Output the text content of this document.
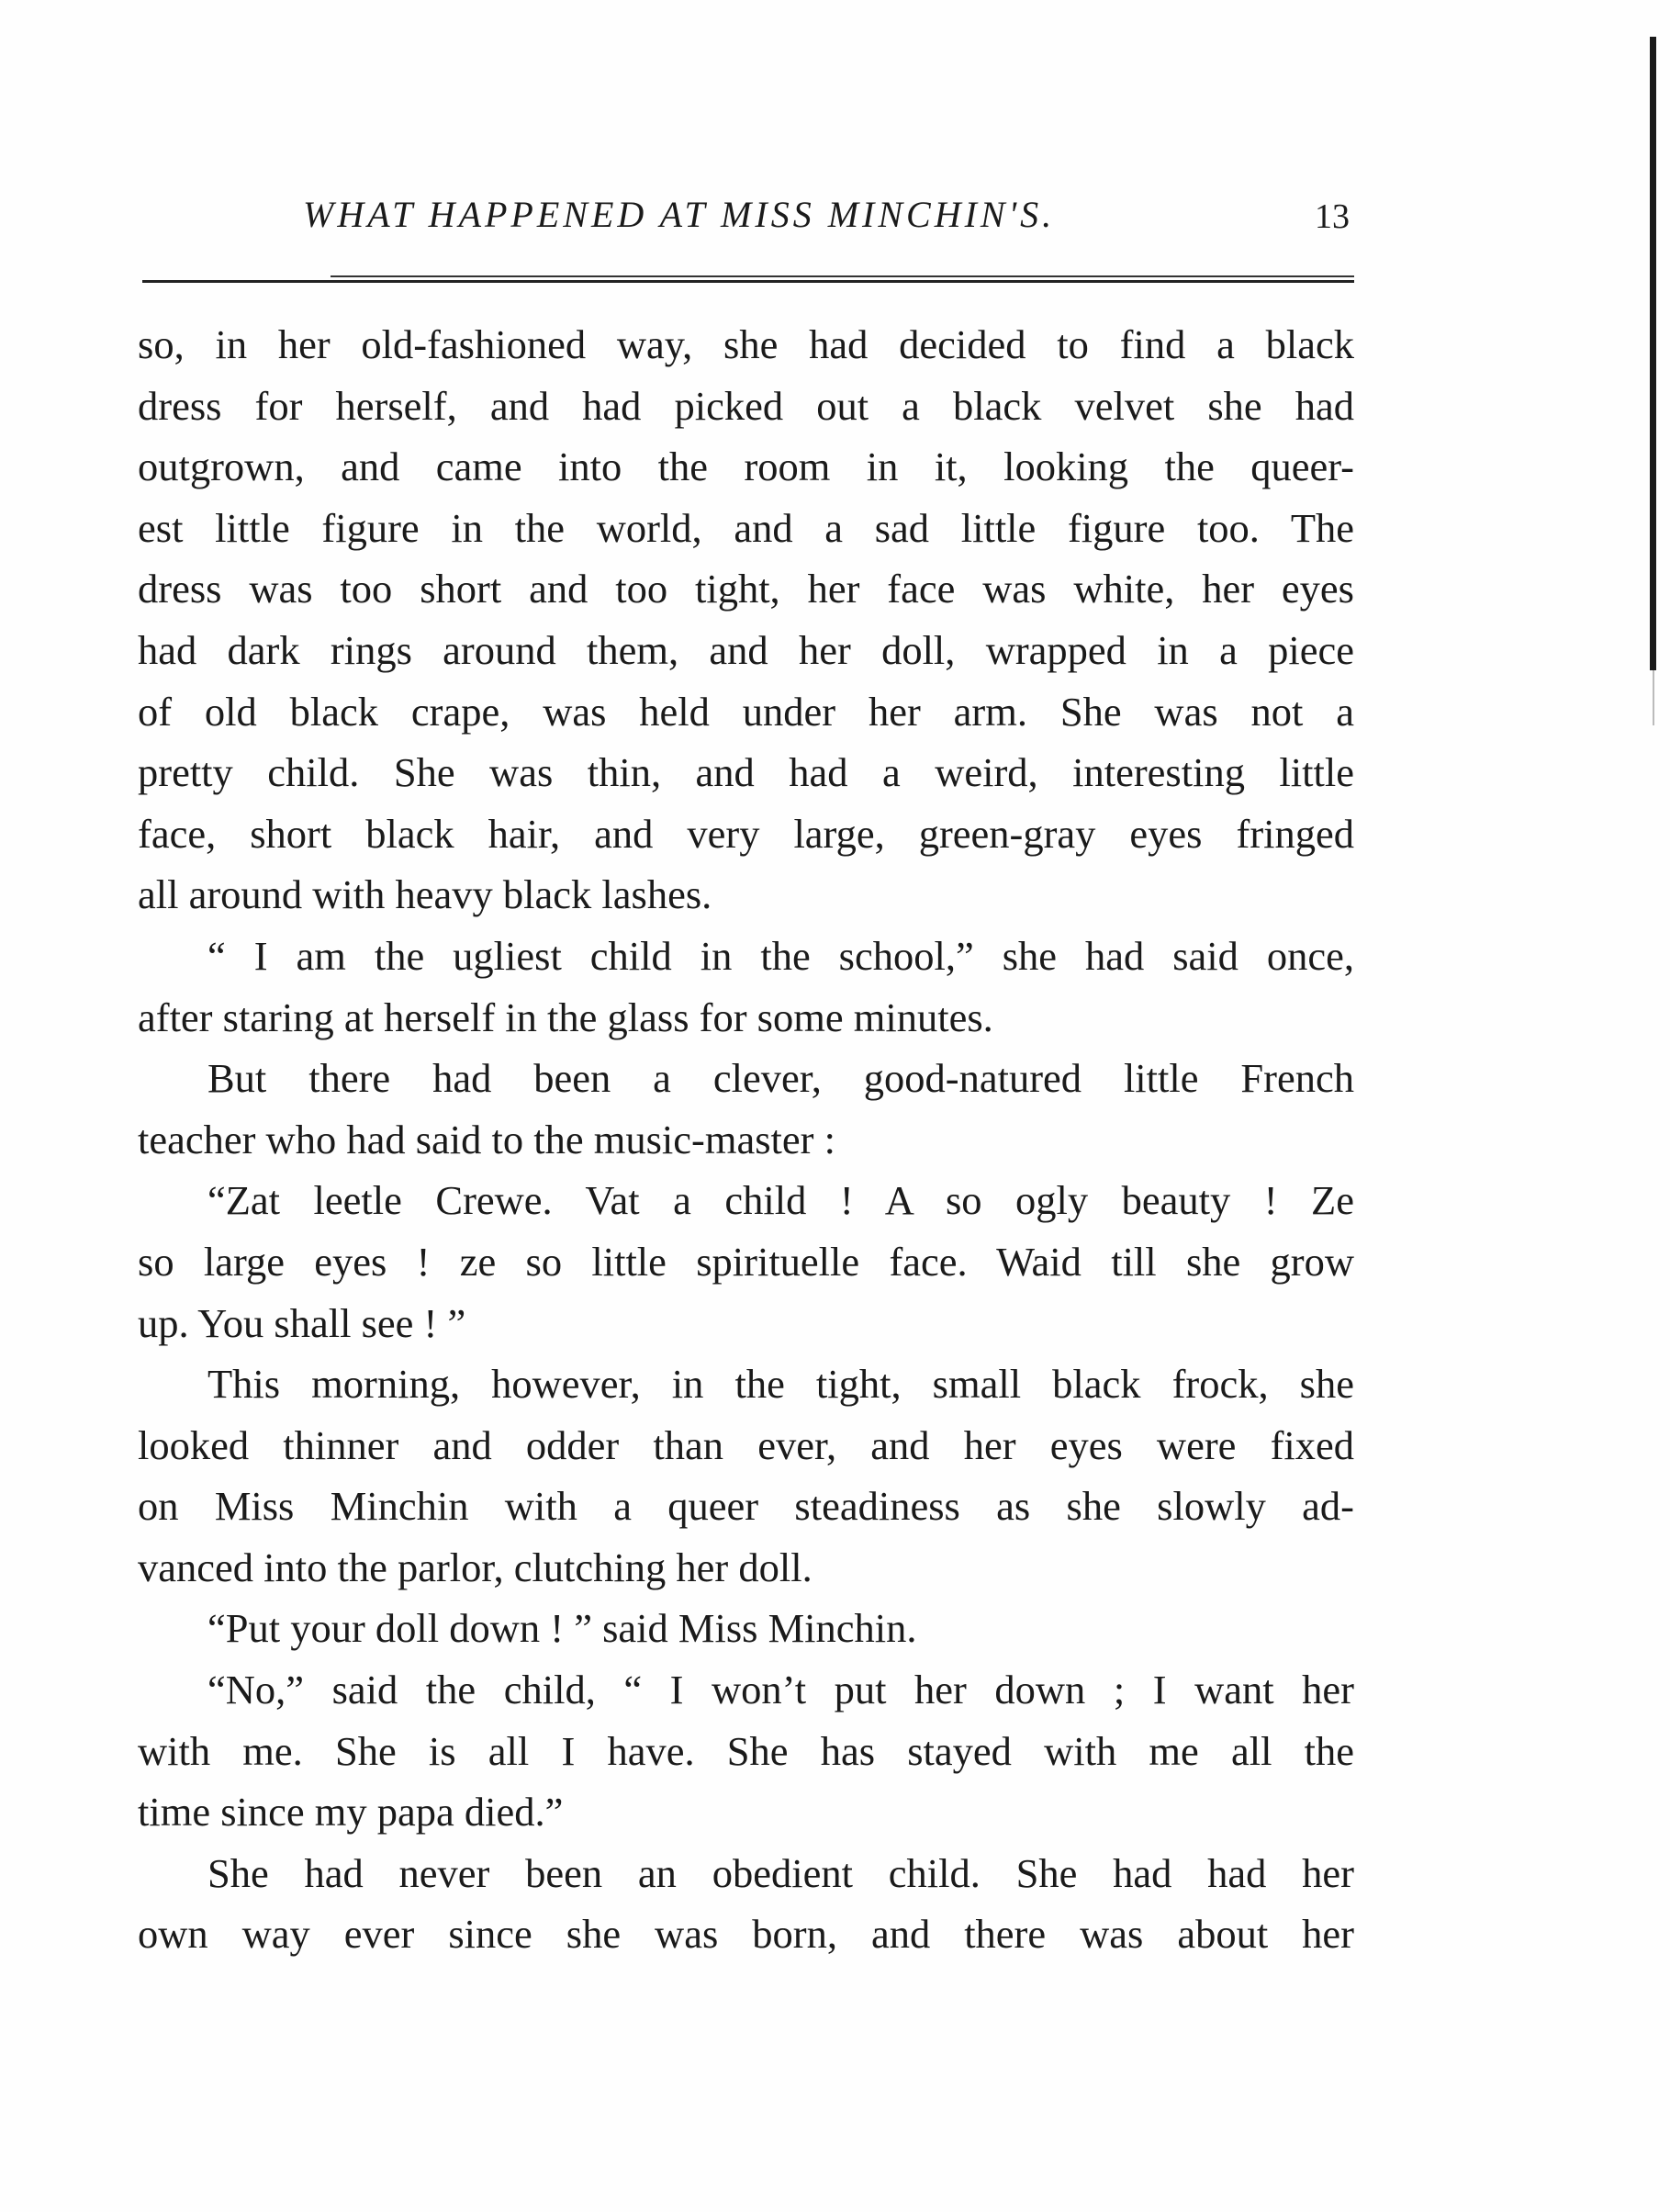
WHAT HAPPENED AT MISS MINCHIN'S.	13
so, in her old-fashioned way, she had decided to find a black
dress for herself, and had picked out a black velvet she had
outgrown, and came into the room in it, looking the queer-
est little figure in the world, and a sad little figure too. The
dress was too short and too tight, her face was white, her eyes
had dark rings around them, and her doll, wrapped in a piece
of old black crape, was held under her arm. She was not a
pretty child. She was thin, and had a weird, interesting little
face, short black hair, and very large, green-gray eyes fringed
all around with heavy black lashes.
“ I am the ugliest child in the school,” she had said once,
after staring at herself in the glass for some minutes.
But there had been a clever, good-natured little French
teacher who had said to the music-master :
“Zat leetle Crewe. Vat a child ! A so ogly beauty ! Ze
so large eyes ! ze so little spirituelle face. Waid till she grow
up. You shall see ! ”
This morning, however, in the tight, small black frock, she
looked thinner and odder than ever, and her eyes were fixed
on Miss Minchin with a queer steadiness as she slowly ad-
vanced into the parlor, clutching her doll.
“Put your doll down ! ” said Miss Minchin.
“No,” said the child, “ I won’t put her down ; I want her
with me. She is all I have. She has stayed with me all the
time since my papa died.”
She had never been an obedient child. She had had her
own way ever since she was born, and there was about her
